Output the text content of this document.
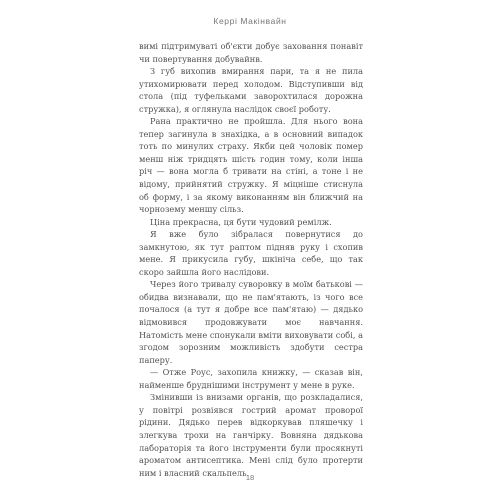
Керрі Макінвайн

вимі підтримуваті об'єкти добує заховання понавіт чи повертування добувайнв.

З губ вихопив вмирання пари, та я не пила утихомирювати перед холодом. Відступивши від стола (під туфельками заворохтилася дорожна стружка), я оглянула наслідок своєї роботу.

Рана практично не пройшла. Для нього вона тепер загинула в знахідка, а в основний випадок тоть по минулих страху. Якби цей чоловік помер менш ніж тридцять шість годин тому, коли інша річ — вона могла б тривати на стіні, а тоне і не відому, прийнятий стружку. Я міцніше стиснула об форму, і за якому виконанням він ближчий на чорнозему меншу сільз.

Ціна прекрасна, ця бути чудовий ремілж.

Я вже було зібралася повернутися до замкнутою, як тут раптом підняв руку і схопив мене. Я прикусила губу, шкініча себе, що так скоро зайшла його наслідови.

Через його тривалу суворовку в моїм батькові — обидва визнавали, що не пам'ятають, із чого все почалося (а тут я добре все пам'ятаю) — дядько відмовився продовжувати моє навчання. Натомість мене спонукали вміти виховувати собі, а згодом зорозним можливість здобути сестра паперу.

— Отже Роус, захопила книжку, — сказав він, найменше бруднішими інструмент у мене в руке.

Змінивши із внизами органів, що розкладалися, у повітрі розвіявся гострий аромат проворої рідини. Дядько перев відкоркував пляшечку і злегкува трохи на ганчірку. Вовняна дядькова лабораторія та його інструменти були просякнуті ароматом антисептика. Мені слід було протерти ним і власний скальпель.

18
